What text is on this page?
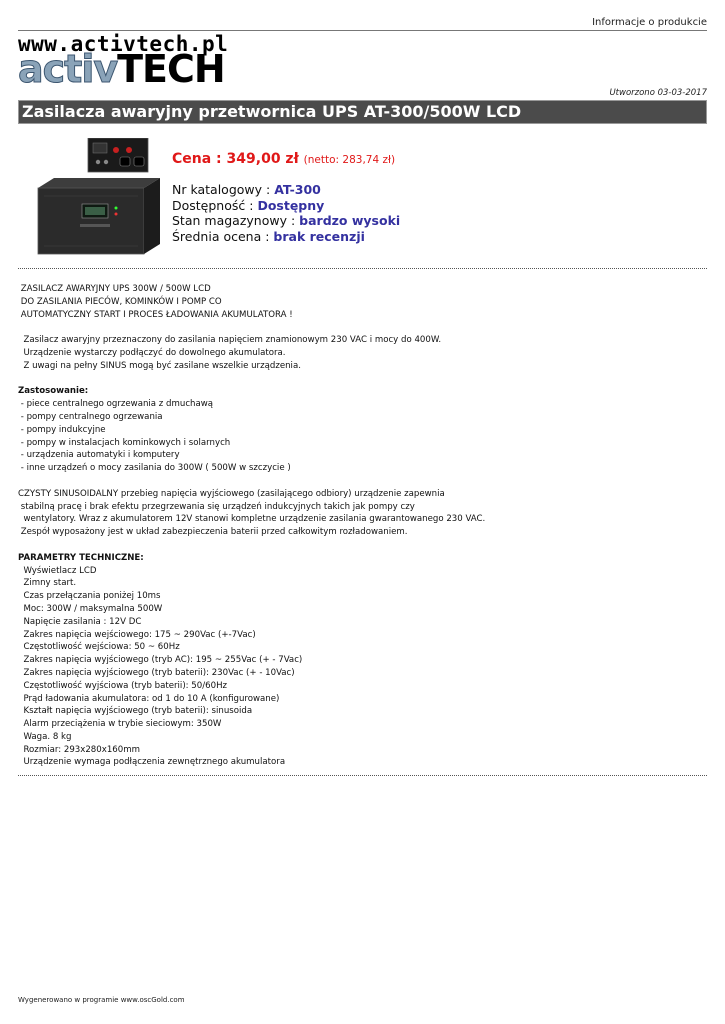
Informacje o produkcie
www.activtech.pl
activTECH
Utworzono 03-03-2017
Zasilacza awaryjny przetwornica UPS AT-300/500W LCD
Cena : 349,00 zł (netto: 283,74 zł)
Nr katalogowy : AT-300
Dostępność : Dostępny
Stan magazynowy : bardzo wysoki
Średnia ocena : brak recenzji

ZASILACZ AWARYJNY UPS 300W / 500W LCD

DO ZASILANIA PIECÓW, KOMINKÓW I POMP CO

AUTOMATYCZNY START I PROCES ŁADOWANIA AKUMULATORA !

Zasilacz awaryjny przeznaczony do zasilania napięciem znamionowym 230 VAC i mocy do 400W.

Urządzenie wystarczy podłączyć do dowolnego akumulatora.

Z uwagi na pełny SINUS mogą być zasilane wszelkie urządzenia.

Zastosowanie:

- piece centralnego ogrzewania z dmuchawą

- pompy centralnego ogrzewania

- pompy indukcyjne

- pompy w instalacjach kominkowych i solarnych

- urządzenia automatyki i komputery

- inne urządzeń o mocy zasilania do 300W ( 500W w szczycie )

CZYSTY SINUSOIDALNY przebieg napięcia wyjściowego (zasilającego odbiory) urządzenie zapewnia

stabilną pracę i brak efektu przegrzewania się urządzeń indukcyjnych takich jak pompy czy

wentylatory. Wraz z akumulatorem 12V stanowi kompletne urządzenie zasilania gwarantowanego 230 VAC.

Zespół wyposażony jest w układ zabezpieczenia baterii przed całkowitym rozładowaniem.

PARAMETRY TECHNICZNE:

Wyświetlacz LCD

Zimny start.

Czas przełączania poniżej 10ms

Moc: 300W / maksymalna 500W

Napięcie zasilania : 12V DC

Zakres napięcia wejściowego: 175 ~ 290Vac (+-7Vac)

Częstotliwość wejściowa: 50 ~ 60Hz

Zakres napięcia wyjściowego (tryb AC): 195 ~ 255Vac (+ - 7Vac)

Zakres napięcia wyjściowego (tryb baterii): 230Vac (+ - 10Vac)

Częstotliwość wyjściowa (tryb baterii): 50/60Hz

Prąd ładowania akumulatora: od 1 do 10 A (konfigurowane)

Kształt napięcia wyjściowego (tryb baterii): sinusoida

Alarm przeciążenia w trybie sieciowym: 350W

Waga. 8 kg

Rozmiar: 293x280x160mm

Urządzenie wymaga podłączenia zewnętrznego akumulatora

Wygenerowano w programie www.oscGold.com
